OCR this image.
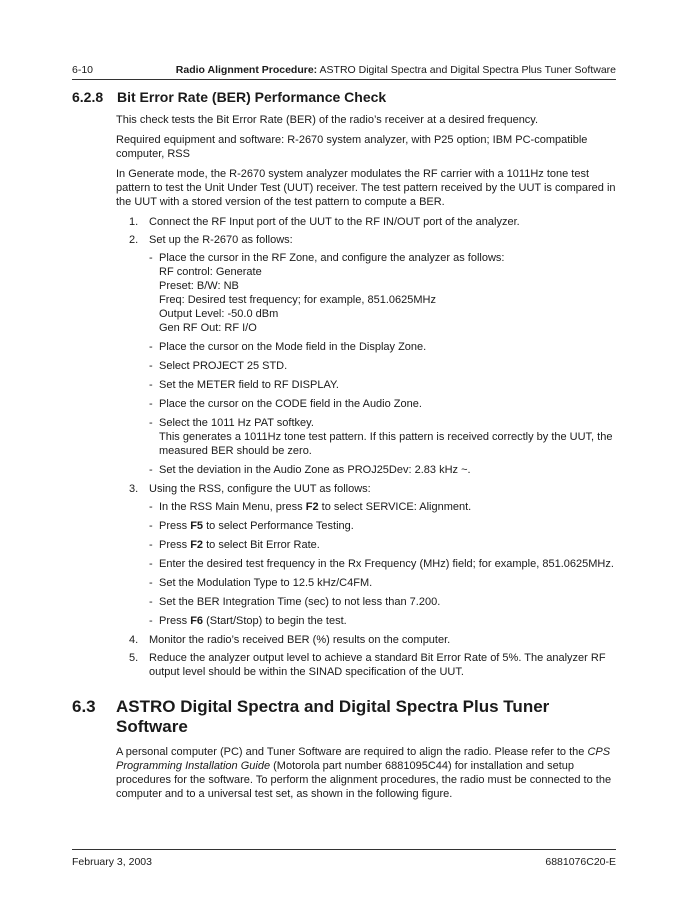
6-10	Radio Alignment Procedure: ASTRO Digital Spectra and Digital Spectra Plus Tuner Software
6.2.8 Bit Error Rate (BER) Performance Check

This check tests the Bit Error Rate (BER) of the radio’s receiver at a desired frequency.

Required equipment and software: R-2670 system analyzer, with P25 option; IBM PC-compatible computer, RSS

In Generate mode, the R-2670 system analyzer modulates the RF carrier with a 1011Hz tone test pattern to test the Unit Under Test (UUT) receiver. The test pattern received by the UUT is compared in the UUT with a stored version of the test pattern to compute a BER.

1. Connect the RF Input port of the UUT to the RF IN/OUT port of the analyzer.
2. Set up the R-2670 as follows:
- Place the cursor in the RF Zone, and configure the analyzer as follows:
RF control: Generate
Preset: B/W: NB
Freq: Desired test frequency; for example, 851.0625MHz
Output Level: -50.0 dBm
Gen RF Out: RF I/O
- Place the cursor on the Mode field in the Display Zone.
- Select PROJECT 25 STD.
- Set the METER field to RF DISPLAY.
- Place the cursor on the CODE field in the Audio Zone.
- Select the 1011 Hz PAT softkey.
This generates a 1011Hz tone test pattern. If this pattern is received correctly by the UUT, the measured BER should be zero.
- Set the deviation in the Audio Zone as PROJ25Dev: 2.83 kHz ~.
3. Using the RSS, configure the UUT as follows:
- In the RSS Main Menu, press F2 to select SERVICE: Alignment.
- Press F5 to select Performance Testing.
- Press F2 to select Bit Error Rate.
- Enter the desired test frequency in the Rx Frequency (MHz) field; for example, 851.0625MHz.
- Set the Modulation Type to 12.5 kHz/C4FM.
- Set the BER Integration Time (sec) to not less than 7.200.
- Press F6 (Start/Stop) to begin the test.
4. Monitor the radio’s received BER (%) results on the computer.
5. Reduce the analyzer output level to achieve a standard Bit Error Rate of 5%. The analyzer RF output level should be within the SINAD specification of the UUT.
6.3	ASTRO Digital Spectra and Digital Spectra Plus Tuner Software

A personal computer (PC) and Tuner Software are required to align the radio. Please refer to the CPS Programming Installation Guide (Motorola part number 6881095C44) for installation and setup procedures for the software. To perform the alignment procedures, the radio must be connected to the computer and to a universal test set, as shown in the following figure.

February 3, 2003	6881076C20-E
